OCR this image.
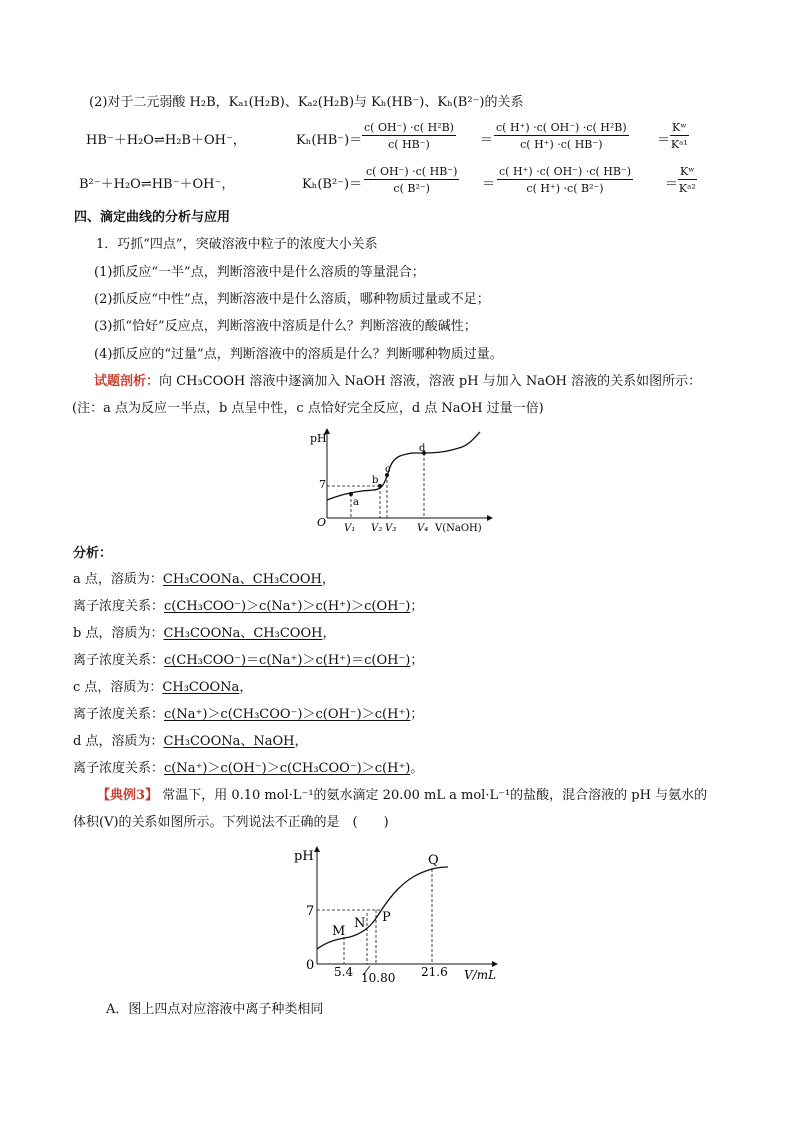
(2)对于二元弱酸 H₂B，Kₐ₁(H₂B)、Kₐ₂(H₂B)与 Kₕ(HB⁻)、Kₕ(B²⁻)的关系
HB⁻＋H₂O⇌H₂B＋OH⁻，	$K_h(HB^-)= \frac{\text{c( OH⁻) ·c( H²B)}}{c( HB^-)} = \frac{\text{c( H⁺) ·c( OH⁻) ·c( H²B)}}{c( H^+) \cdot c( HB^-)} = \frac{\text{Kʷ}}{\text{Kᵃ¹}}$
B²⁻＋H₂O⇌HB⁻＋OH⁻，	$K_h(B^{2-})= \frac{c( OH^-) \cdot c( HB^-)}{\text{c( B²⁻)}} = \frac{c( H^+) \cdot c( OH^-) \cdot c( HB^-)}{\text{c( H⁺) ·c( B²⁻)}} = \frac{\text{Kʷ}}{\text{Kᵃ²}}$
四、滴定曲线的分析与应用
1．巧抓“四点”，突破溶液中粒子的浓度大小关系
(1)抓反应“一半”点，判断溶液中是什么溶质的等量混合；
(2)抓反应“中性”点，判断溶液中是什么溶质，哪种物质过量或不足；
(3)抓“恰好”反应点，判断溶液中溶质是什么？判断溶液的酸碱性；
(4)抓反应的“过量”点，判断溶液中的溶质是什么？判断哪种物质过量。
试题剖析：向 CH₃COOH 溶液中逐滴加入 NaOH 溶液，溶液 pH 与加入 NaOH 溶液的关系如图所示：
(注：a 点为反应一半点，b 点呈中性，c 点恰好完全反应，d 点 NaOH 过量一倍)
pH
7
O
a
b
c
d
V₁ V₂ V₃ V₄ V(NaOH)
分析：
a 点，溶质为：CH₃COONa、CH₃COOH，
离子浓度关系：c(CH₃COO⁻)＞c(Na⁺)＞c(H⁺)＞c(OH⁻)；
b 点，溶质为：CH₃COONa、CH₃COOH，
离子浓度关系：c(CH₃COO⁻)＝c(Na⁺)＞c(H⁺)＝c(OH⁻)；
c 点，溶质为：CH₃COONa，
离子浓度关系：c(Na⁺)＞c(CH₃COO⁻)＞c(OH⁻)＞c(H⁺)；
d 点，溶质为：CH₃COONa、NaOH，
离子浓度关系：c(Na⁺)＞c(OH⁻)＞c(CH₃COO⁻)＞c(H⁺)。
【典例3】 常温下，用 0.10 mol·L⁻¹的氨水滴定 20.00 mL a mol·L⁻¹的盐酸，混合溶液的 pH 与氨水的
体积(V)的关系如图所示。下列说法不正确的是　(　　)
pH
7
0
M
N P
Q
5.4 10.80 21.6 V/mL
A．图上四点对应溶液中离子种类相同
